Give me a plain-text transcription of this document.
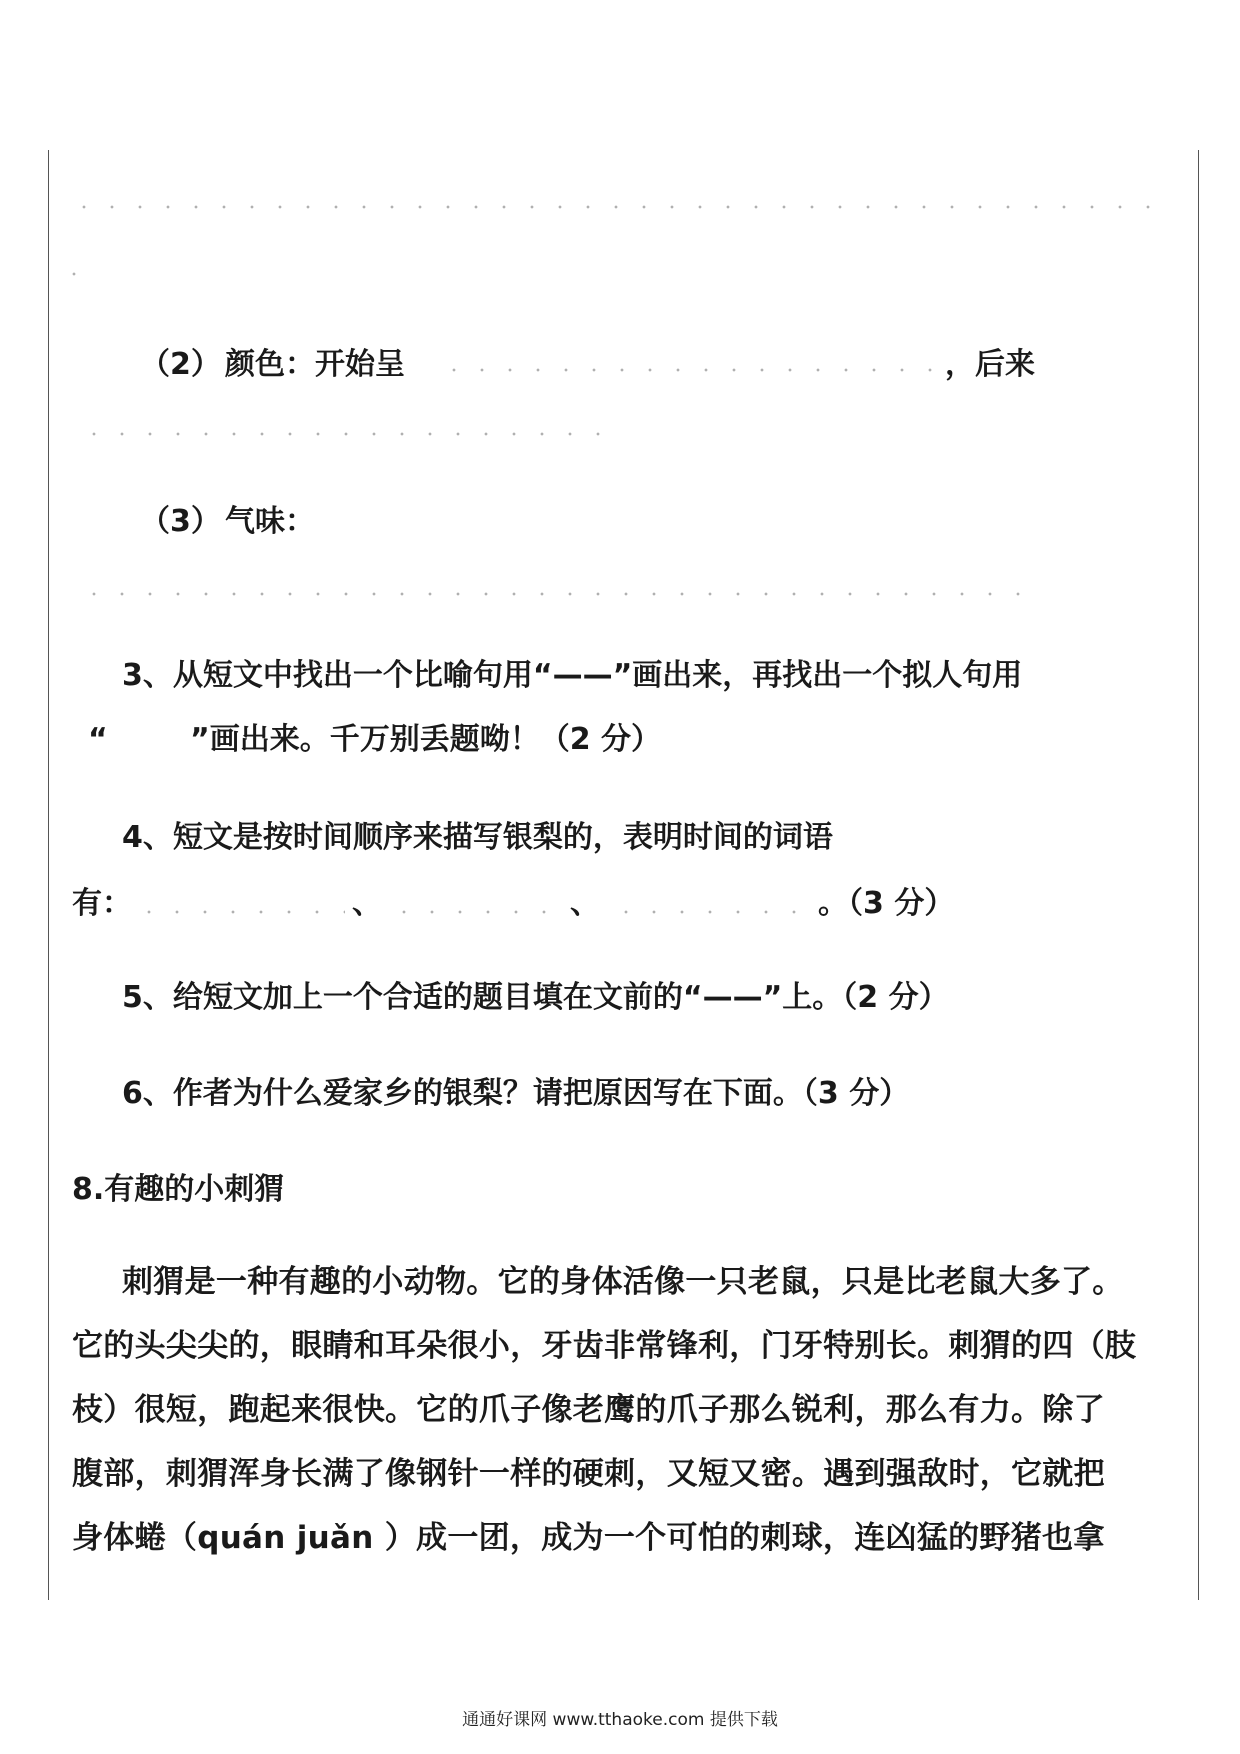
（2） 颜色：开始呈	，后来
（3） 气味：
3、从短文中找出一个比喻句用“——”画出来，再找出一个拟人句用
“	”画出来。千万别丢题呦！（2 分）
4、短文是按时间顺序来描写银梨的，表明时间的词语
有：	、	、	。（3 分）
5、给短文加上一个合适的题目填在文前的“——”上。（2 分）
6、作者为什么爱家乡的银梨？请把原因写在下面。（3 分）
8.有趣的小刺猬
刺猬是一种有趣的小动物。它的身体活像一只老鼠，只是比老鼠大多了。
它的头尖尖的，眼睛和耳朵很小，牙齿非常锋利，门牙特别长。刺猬的四（肢
枝）很短，跑起来很快。它的爪子像老鹰的爪子那么锐利，那么有力。除了
腹部，刺猬浑身长满了像钢针一样的硬刺，又短又密。遇到强敌时，它就把
身体蜷（quán juǎn ）成一团，成为一个可怕的刺球，连凶猛的野猪也拿
通通好课网 www.tthaoke.com 提供下载
